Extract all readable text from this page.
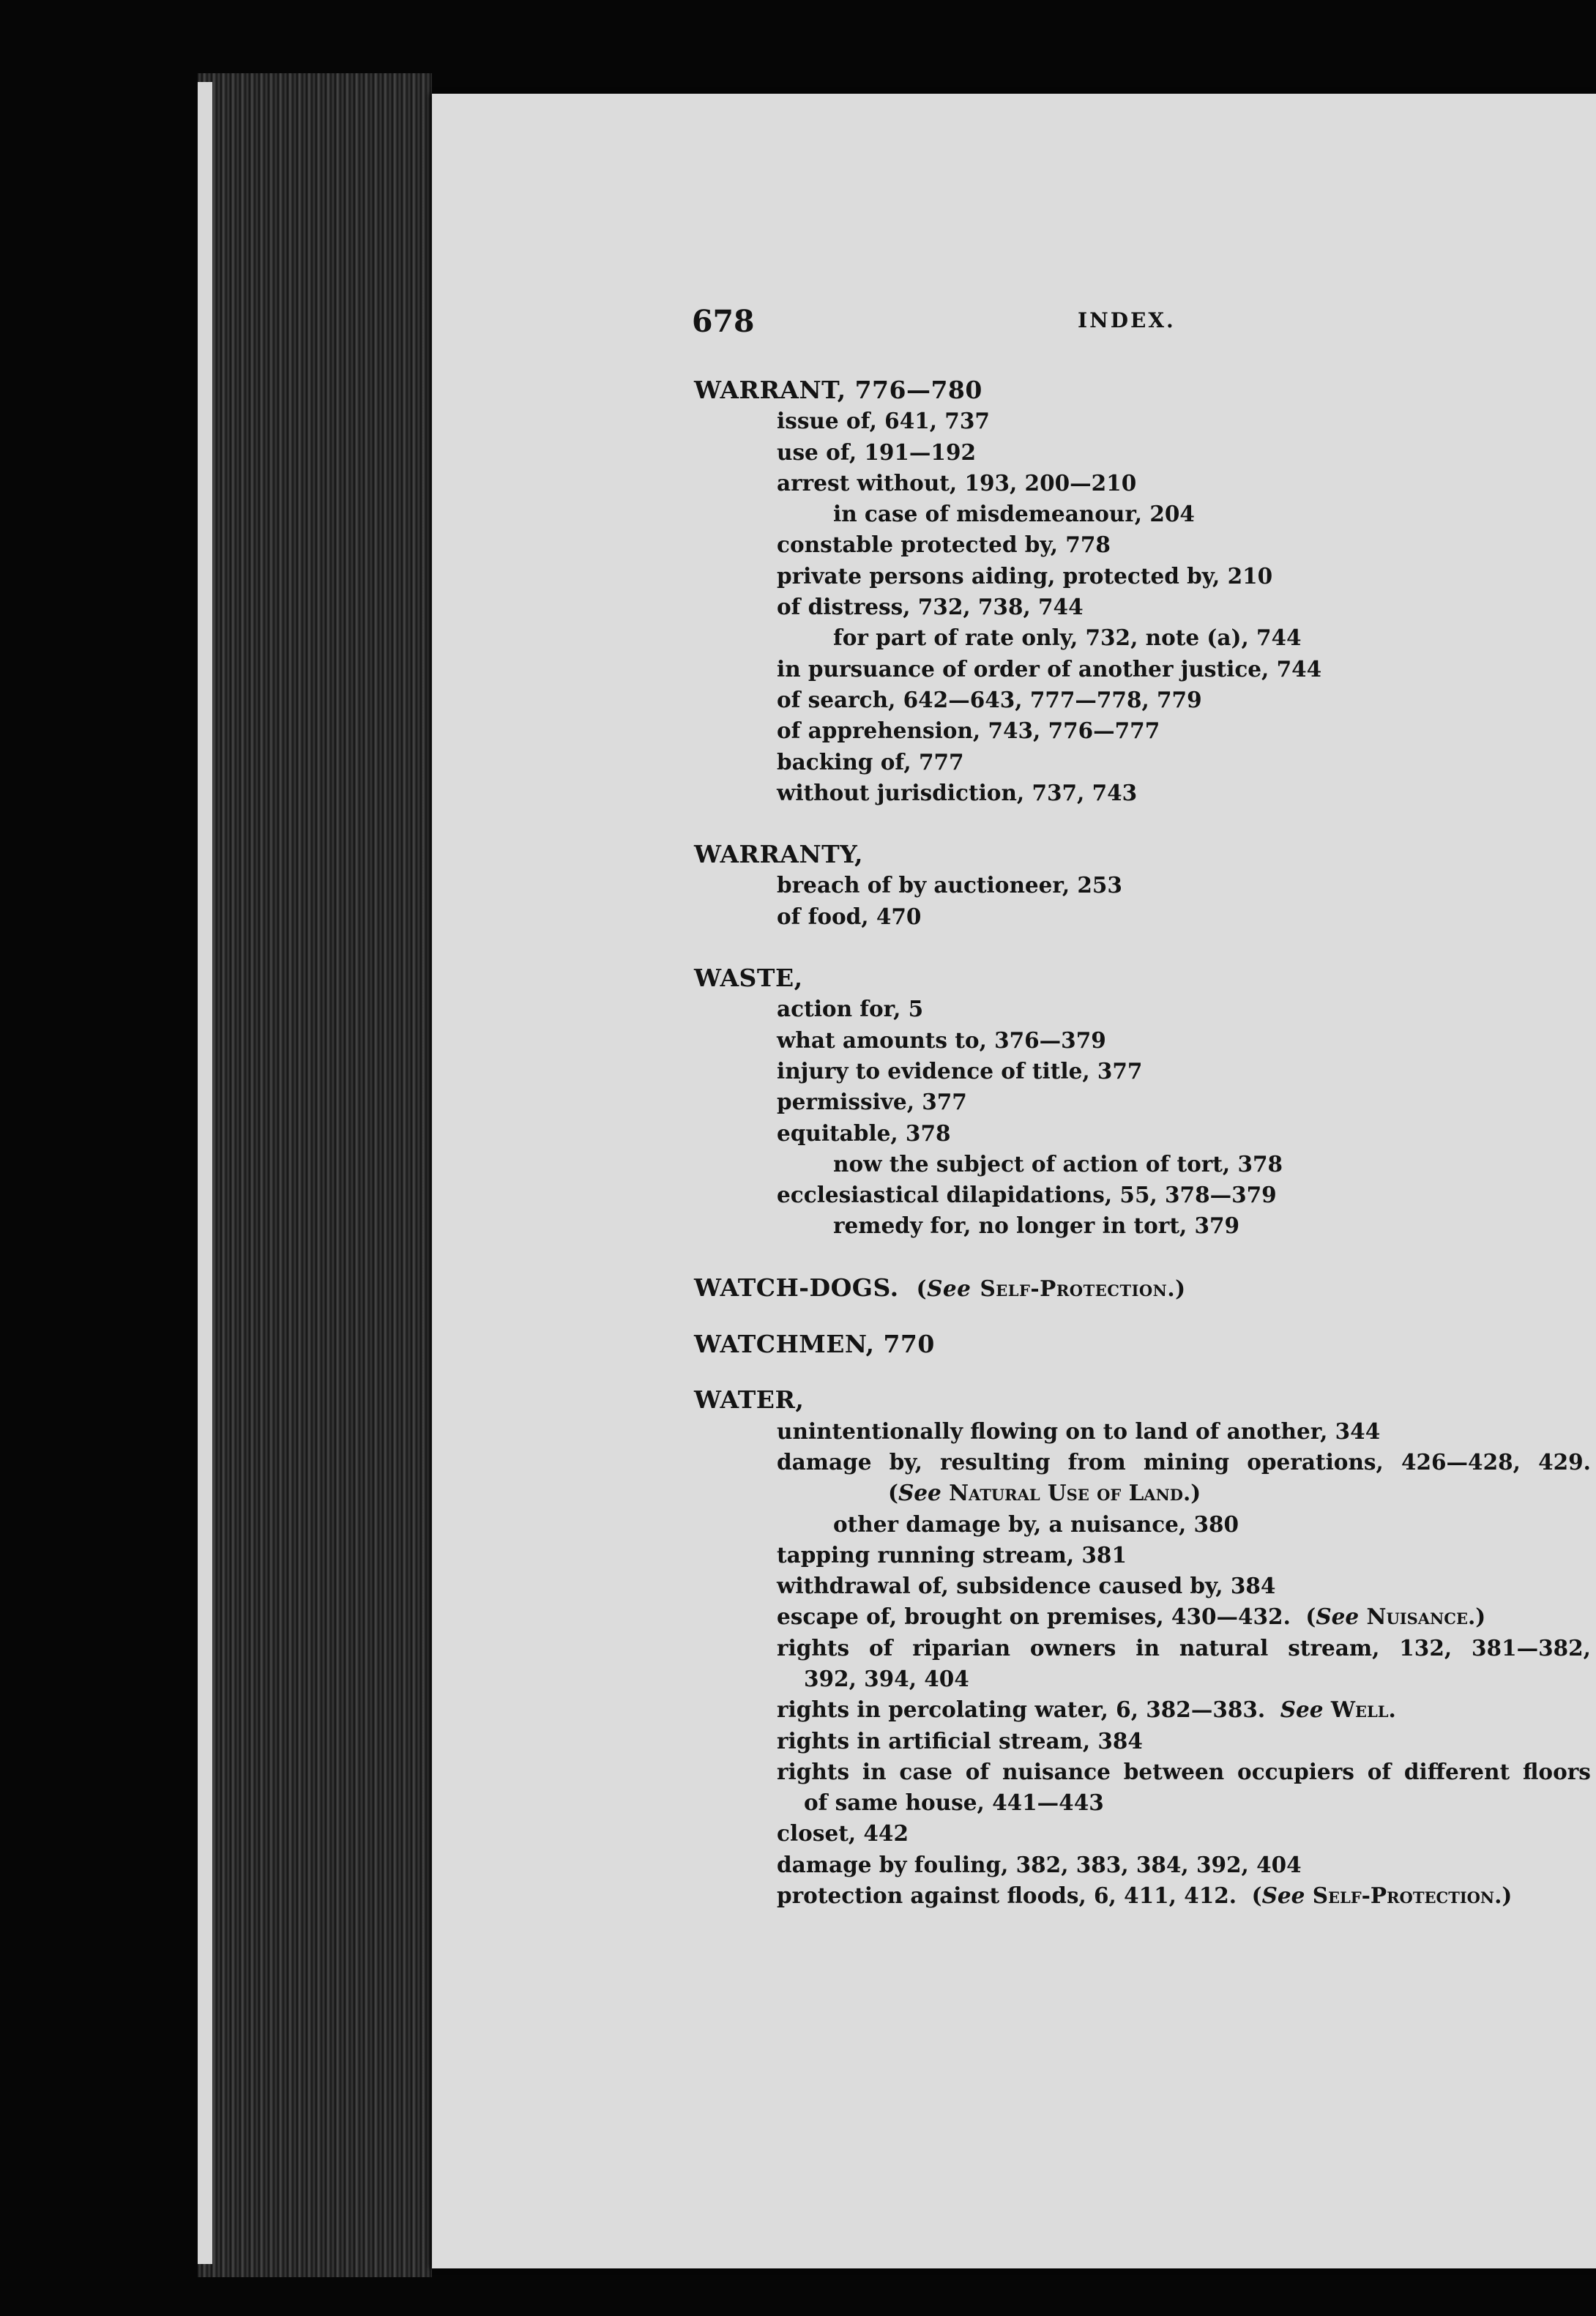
678	INDEX.
WARRANT, 776—780
issue of, 641, 737
use of, 191—192
arrest without, 193, 200—210
in case of misdemeanour, 204
constable protected by, 778
private persons aiding, protected by, 210
of distress, 732, 738, 744
for part of rate only, 732, note (a), 744
in pursuance of order of another justice, 744
of search, 642—643, 777—778, 779
of apprehension, 743, 776—777
backing of, 777
without jurisdiction, 737, 743
WARRANTY,
breach of by auctioneer, 253
of food, 470
WASTE,
action for, 5
what amounts to, 376—379
injury to evidence of title, 377
permissive, 377
equitable, 378
now the subject of action of tort, 378
ecclesiastical dilapidations, 55, 378—379
remedy for, no longer in tort, 379
WATCH-DOGS. (See Self-Protection.)
WATCHMEN, 770
WATER,
unintentionally flowing on to land of another, 344
damage by, resulting from mining operations, 426—428, 429.
(See Natural Use of Land.)
other damage by, a nuisance, 380
tapping running stream, 381
withdrawal of, subsidence caused by, 384
escape of, brought on premises, 430—432.  (See Nuisance.)
rights of riparian owners in natural stream, 132, 381—382,
392, 394, 404
rights in percolating water, 6, 382—383. See Well.
rights in artificial stream, 384
rights in case of nuisance between occupiers of different floors
of same house, 441—443
closet, 442
damage by fouling, 382, 383, 384, 392, 404
protection against floods, 6, 411, 412.  (See Self-Protection.)
